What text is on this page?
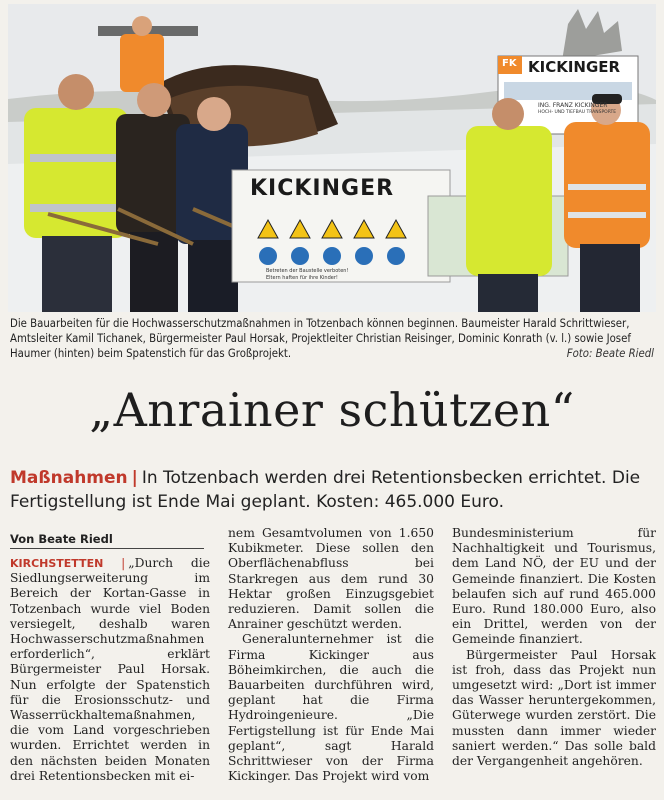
KICKINGER
FK KICKINGER
ING. FRANZ KICKINGER
HOCH- UND TIEFBAU TRANSPORTE
Betreten der Baustelle verboten!
Eltern haften für ihre Kinder!
Die Bauarbeiten für die Hochwasserschutzmaßnahmen in Totzenbach können beginnen. Baumeister Harald Schrittwieser, Amtsleiter Kamil Tichanek, Bürgermeister Paul Horsak, Projektleiter Christian Reisinger, Dominic Konrath (v. l.) sowie Josef Haumer (hinten) beim Spatenstich für das Großprojekt.	Foto: Beate Riedl
„Anrainer schützen“
Maßnahmen | In Totzenbach werden drei Retentionsbecken errichtet. Die Fertigstellung ist Ende Mai geplant. Kosten: 465.000 Euro.
Von Beate Riedl

KIRCHSTETTEN | „Durch die Siedlungserweiterung im Bereich der Kortan-Gasse in Totzenbach wurde viel Boden versiegelt, deshalb waren Hochwasserschutzmaßnahmen erforderlich“, erklärt Bürgermeister Paul Horsak. Nun erfolgte der Spatenstich für die Erosionsschutz- und Wasserrückhaltemaßnahmen, die vom Land vorgeschrieben wurden. Errichtet werden in den nächsten beiden Monaten drei Retentionsbecken mit ei-

nem Gesamtvolumen von 1.650 Kubikmeter. Diese sollen den Oberflächenabfluss bei Starkregen aus dem rund 30 Hektar großen Einzugsgebiet reduzieren. Damit sollen die Anrainer geschützt werden.

Generalunternehmer ist die Firma Kickinger aus Böheimkirchen, die auch die Bauarbeiten durchführen wird, geplant hat die Firma Hydroingenieure. „Die Fertigstellung ist für Ende Mai geplant“, sagt Harald Schrittwieser von der Firma Kickinger. Das Projekt wird vom

Bundesministerium für Nachhaltigkeit und Tourismus, dem Land NÖ, der EU und der Gemeinde finanziert. Die Kosten belaufen sich auf rund 465.000 Euro. Rund 180.000 Euro, also ein Drittel, werden von der Gemeinde finanziert.

Bürgermeister Paul Horsak ist froh, dass das Projekt nun umgesetzt wird: „Dort ist immer das Wasser heruntergekommen, Güterwege wurden zerstört. Die mussten dann immer wieder saniert werden.“ Das solle bald der Vergangenheit angehören.
